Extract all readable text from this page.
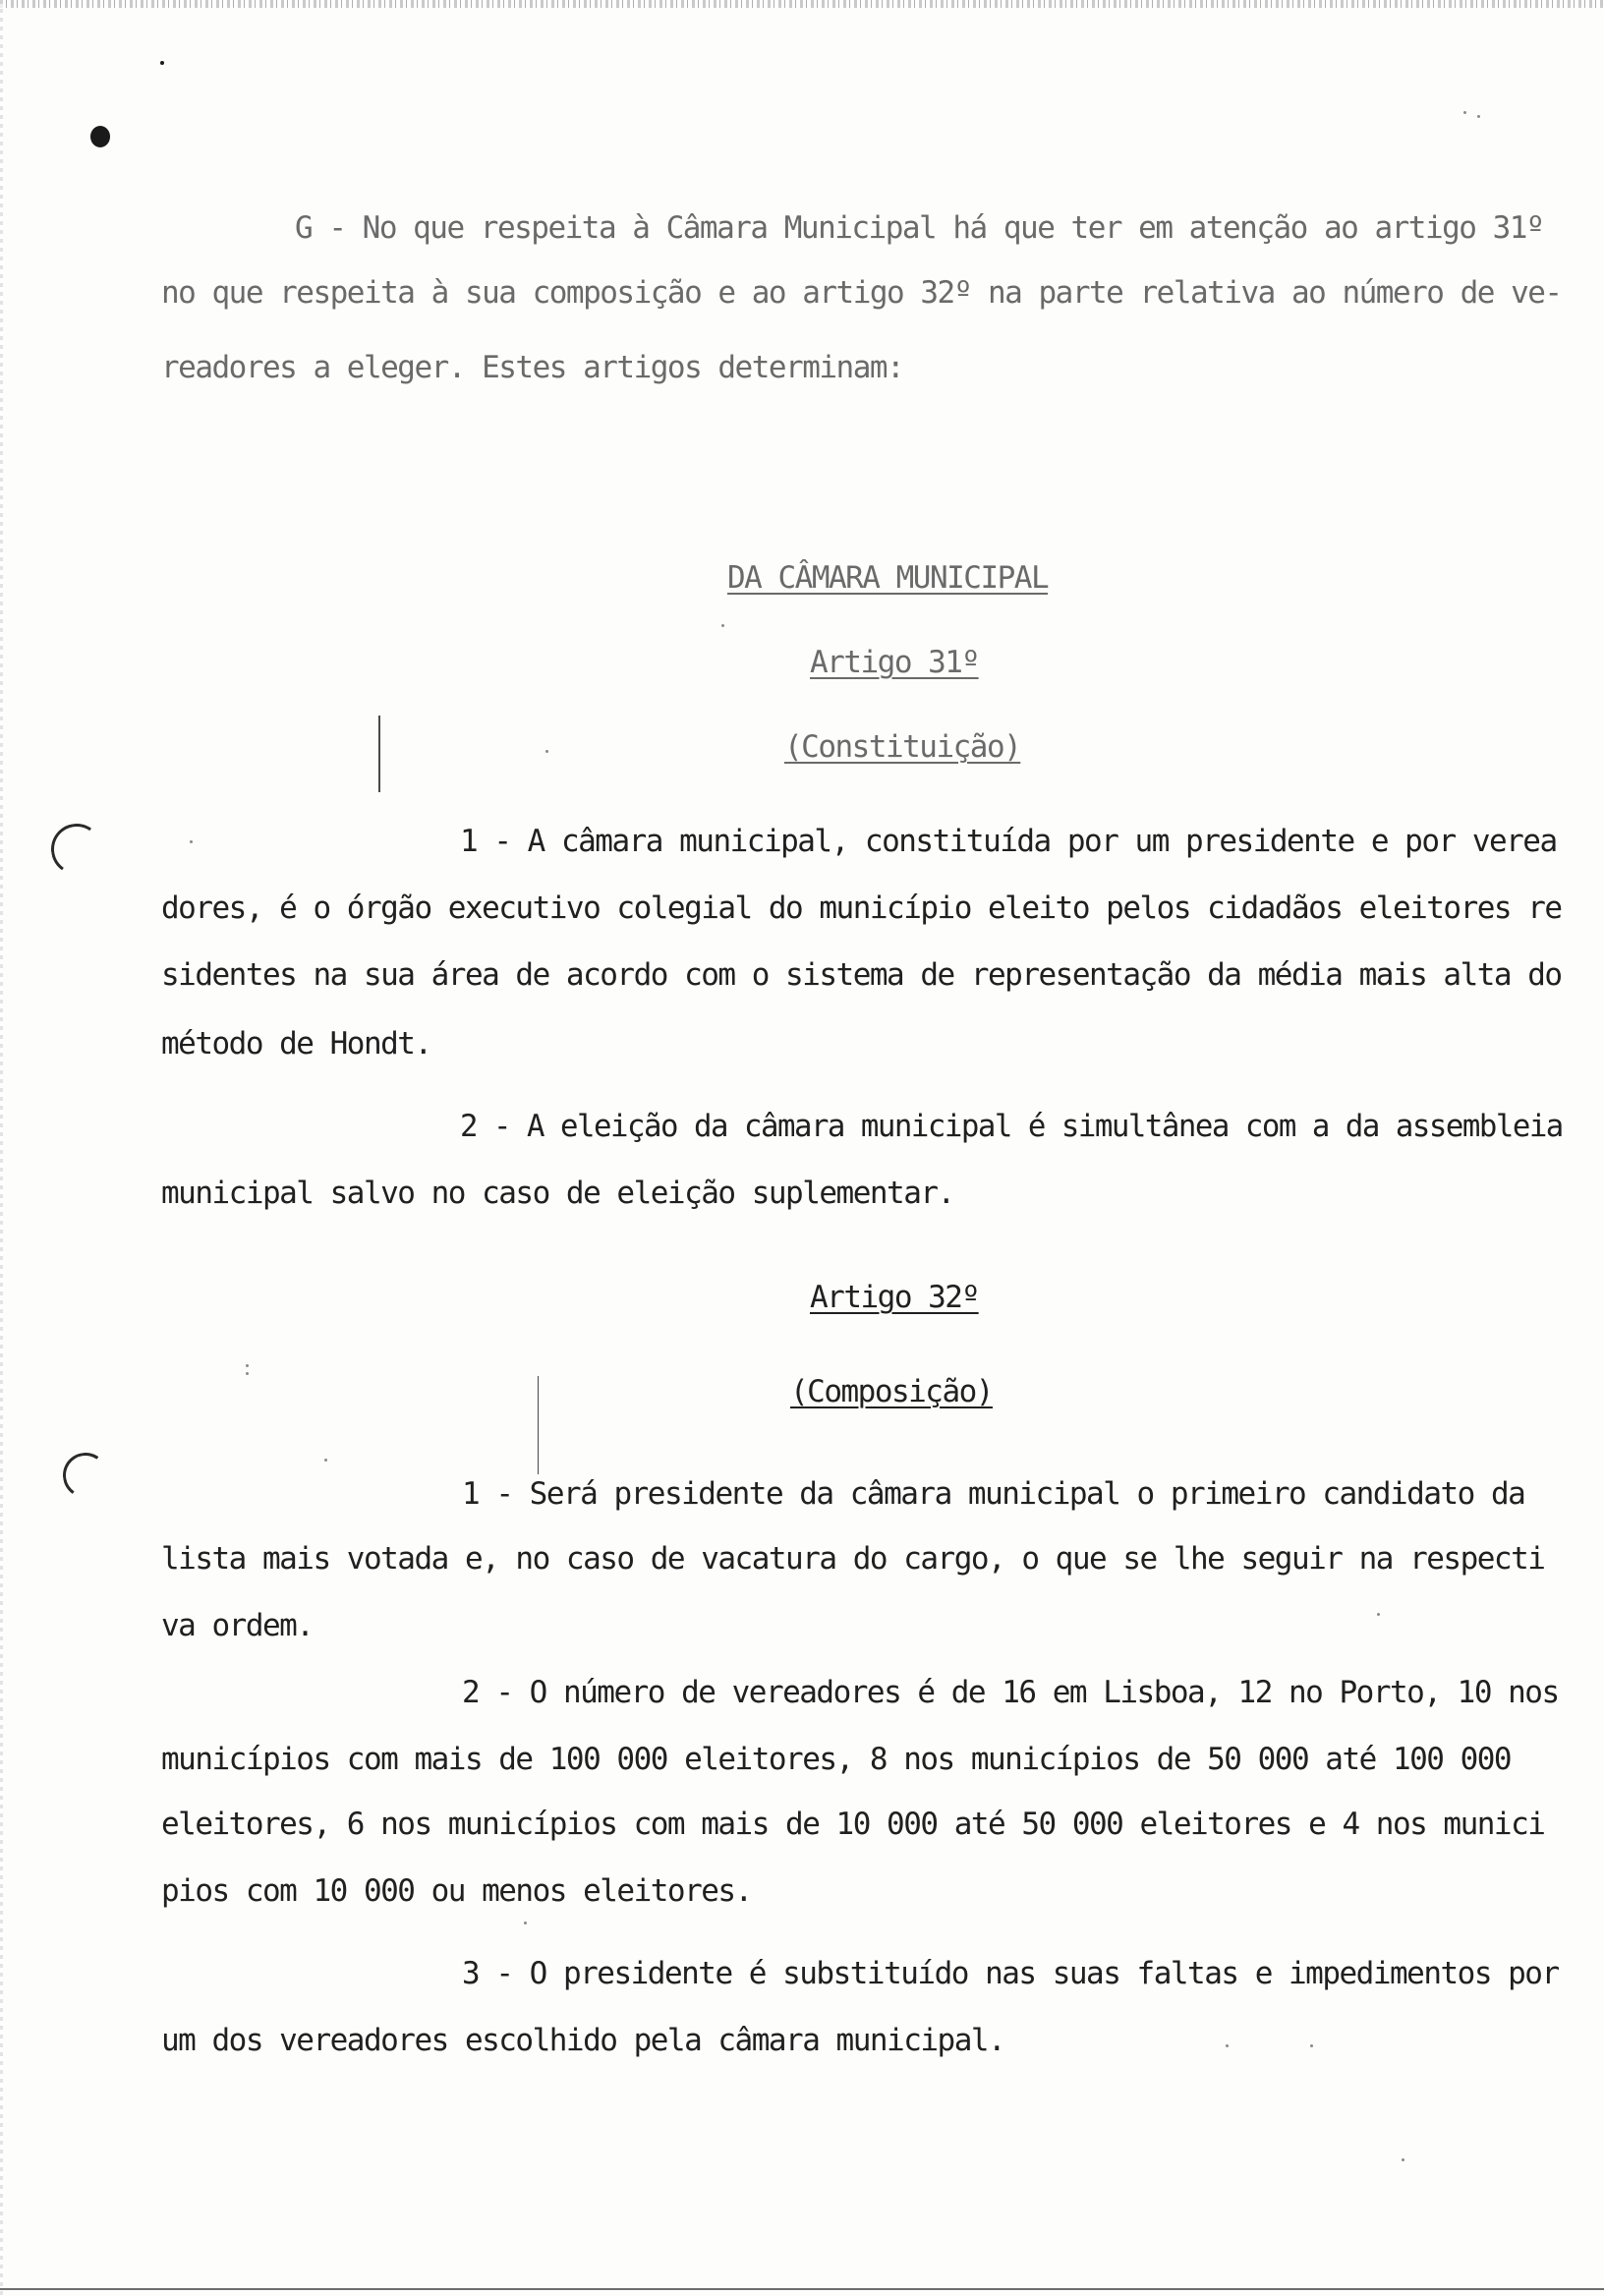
G - No que respeita à Câmara Municipal há que ter em atenção ao artigo 31º
no que respeita à sua composição e ao artigo 32º na parte relativa ao número de ve-
readores a eleger. Estes artigos determinam:
DA CÂMARA MUNICIPAL
Artigo 31º
(Constituição)
1 - A câmara municipal, constituída por um presidente e por verea
dores, é o órgão executivo colegial do município eleito pelos cidadãos eleitores re
sidentes na sua área de acordo com o sistema de representação da média mais alta do
método de Hondt.
2 - A eleição da câmara municipal é simultânea com a da assembleia
municipal salvo no caso de eleição suplementar.
Artigo 32º
(Composição)
1 - Será presidente da câmara municipal o primeiro candidato da
lista mais votada e, no caso de vacatura do cargo, o que se lhe seguir na respecti
va ordem.
2 - O número de vereadores é de 16 em Lisboa, 12 no Porto, 10 nos
municípios com mais de 100 000 eleitores, 8 nos municípios de 50 000 até 100 000
eleitores, 6 nos municípios com mais de 10 000 até 50 000 eleitores e 4 nos munici
pios com 10 000 ou menos eleitores.
3 - O presidente é substituído nas suas faltas e impedimentos por
um dos vereadores escolhido pela câmara municipal.
